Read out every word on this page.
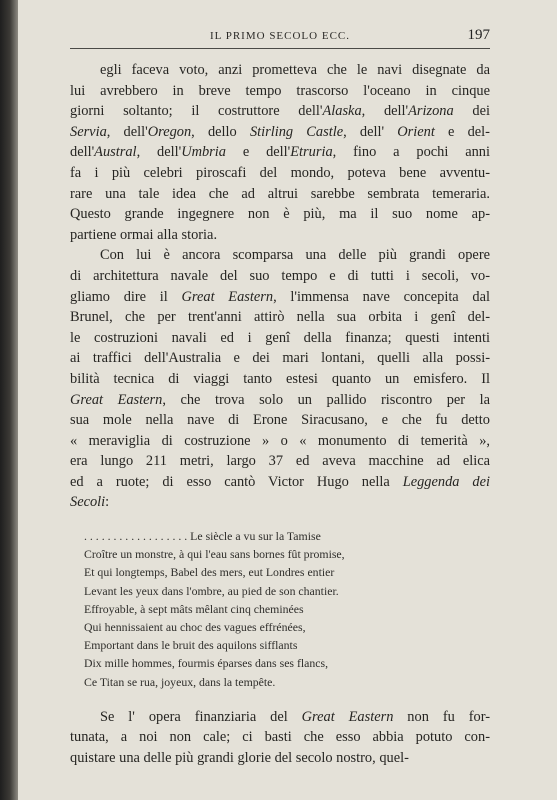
IL PRIMO SECOLO ECC.	197
egli faceva voto, anzi prometteva che le navi disegnate da
lui avrebbero in breve tempo trascorso l'oceano in cinque
giorni soltanto; il costruttore dell'Alaska, dell'Arizona dei
Servia, dell'Oregon, dello Stirling Castle, dell' Orient e del-
dell'Austral, dell'Umbria e dell'Etruria, fino a pochi anni
fa i più celebri piroscafi del mondo, poteva bene avventu-
rare una tale idea che ad altrui sarebbe sembrata temeraria.
Questo grande ingegnere non è più, ma il suo nome ap-
partiene ormai alla storia.
Con lui è ancora scomparsa una delle più grandi opere
di architettura navale del suo tempo e di tutti i secoli, vo-
gliamo dire il Great Eastern, l'immensa nave concepita dal
Brunel, che per trent'anni attirò nella sua orbita i genî del-
le costruzioni navali ed i genî della finanza; questi intenti
ai traffici dell'Australia e dei mari lontani, quelli alla possi-
bilità tecnica di viaggi tanto estesi quanto un emisfero. Il
Great Eastern, che trova solo un pallido riscontro per la
sua mole nella nave di Erone Siracusano, e che fu detto
« meraviglia di costruzione » o « monumento di temerità »,
era lungo 211 metri, largo 37 ed aveva macchine ad elica
ed a ruote; di esso cantò Victor Hugo nella Leggenda dei
Secoli:
. . . . . . . . . . . . . . . . . . Le siècle a vu sur la Tamise
Croître un monstre, à qui l'eau sans bornes fût promise,
Et qui longtemps, Babel des mers, eut Londres entier
Levant les yeux dans l'ombre, au pied de son chantier.
Effroyable, à sept mâts mêlant cinq cheminées
Qui hennissaient au choc des vagues effrénées,
Emportant dans le bruit des aquilons sifflants
Dix mille hommes, fourmis éparses dans ses flancs,
Ce Titan se rua, joyeux, dans la tempête.
Se l' opera finanziaria del Great Eastern non fu for-
tunata, a noi non cale; ci basti che esso abbia potuto con-
quistare una delle più grandi glorie del secolo nostro, quel-
